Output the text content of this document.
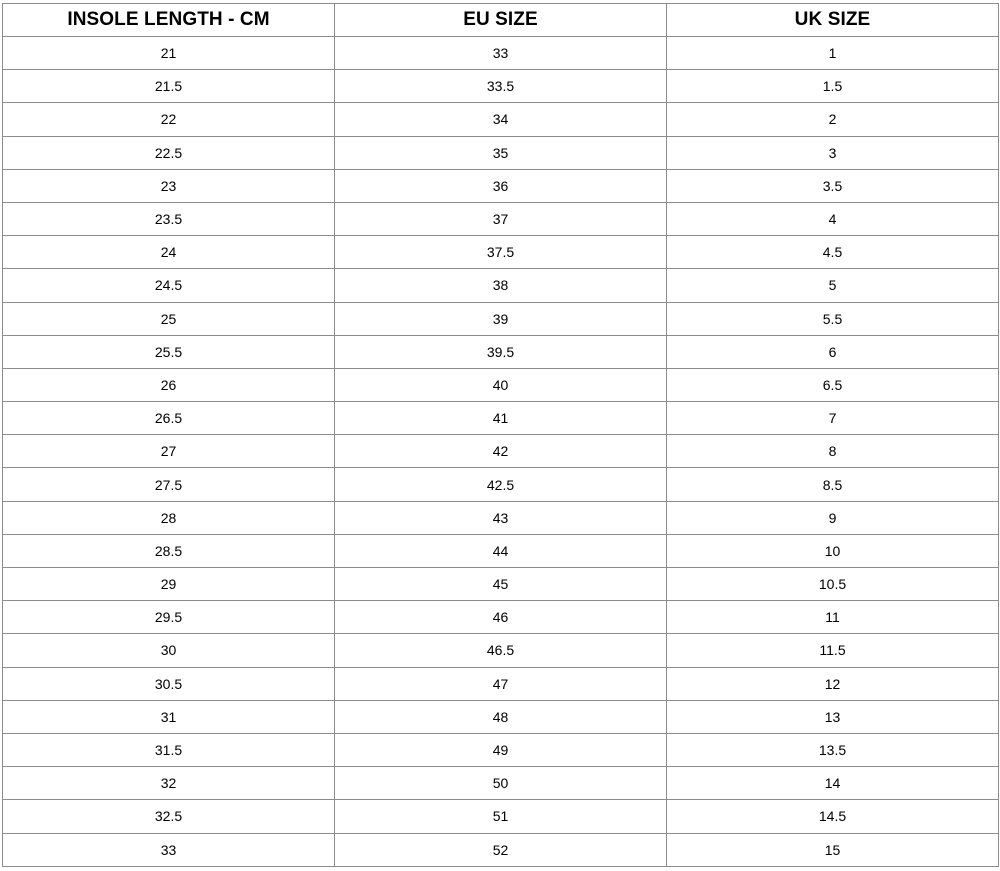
INSOLE LENGTH - CM	EU SIZE	UK SIZE
21	33	1
21.5	33.5	1.5
22	34	2
22.5	35	3
23	36	3.5
23.5	37	4
24	37.5	4.5
24.5	38	5
25	39	5.5
25.5	39.5	6
26	40	6.5
26.5	41	7
27	42	8
27.5	42.5	8.5
28	43	9
28.5	44	10
29	45	10.5
29.5	46	11
30	46.5	11.5
30.5	47	12
31	48	13
31.5	49	13.5
32	50	14
32.5	51	14.5
33	52	15
